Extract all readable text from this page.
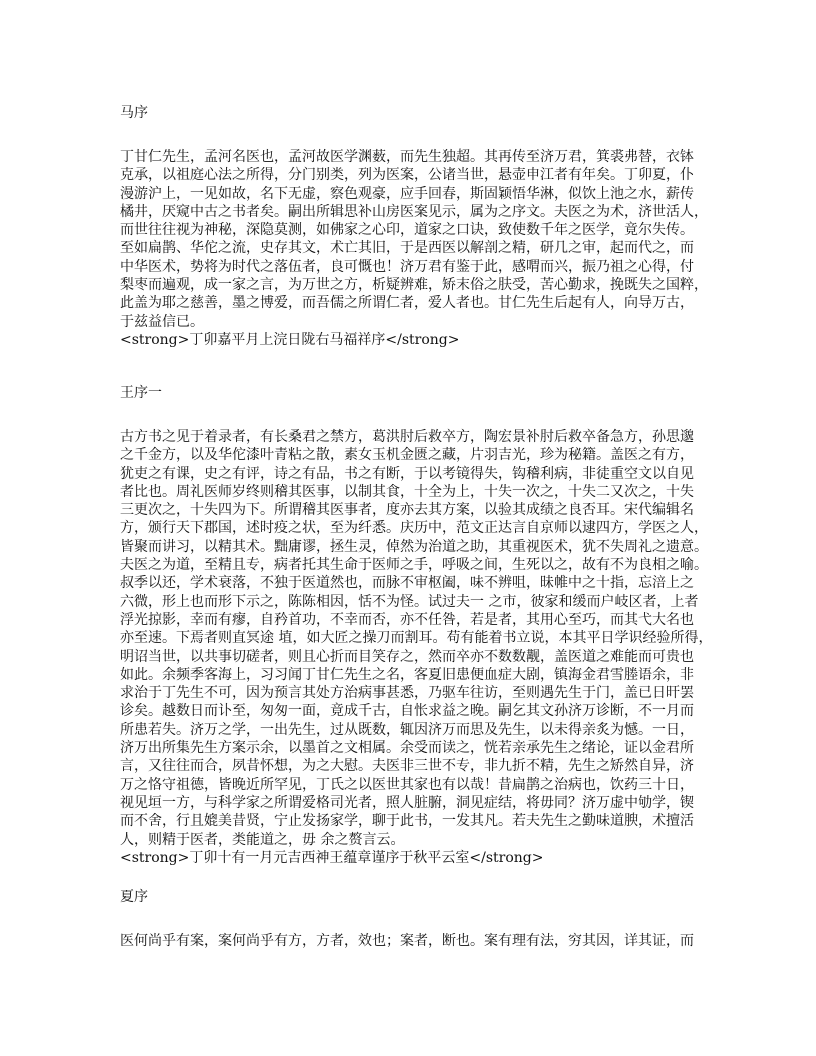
马序
丁甘仁先生，孟河名医也，孟河故医学渊薮，而先生独超。其再传至济万君，箕裘弗替，衣钵
克承，以祖庭心法之所得，分门别类，列为医案，公诸当世，悬壶申江者有年矣。丁卯夏，仆
漫游沪上，一见如故，名下无虚，察色观豪，应手回春，斯固颖悟华淋，似饮上池之水，薪传
橘井，厌窥中古之书者矣。嗣出所辑思补山房医案见示，属为之序文。夫医之为术，济世活人，
而世往往视为神秘，深隐莫测，如佛家之心印，道家之口诀，致使数千年之医学，竟尔失传。
至如扁鹊、华佗之流，史存其文，术亡其旧，于是西医以解剖之精，研几之审，起而代之，而
中华医术，势将为时代之落伍者，良可慨也！济万君有鉴于此，感喟而兴，振乃祖之心得，付
梨枣而遍观，成一家之言，为万世之方，析疑辨难，矫末俗之肤受，苦心勤求，挽既失之国粹，
此盖为耶之慈善，墨之博爱，而吾儒之所谓仁者，爱人者也。甘仁先生后起有人，向导万古，
于兹益信已。
<strong>丁卯嘉平月上浣日陇右马福祥序</strong>
王序一
古方书之见于着录者，有长桑君之禁方，葛洪肘后救卒方，陶宏景补肘后救卒备急方，孙思邈
之千金方，以及华佗漆叶青粘之散，素女玉机金匮之藏，片羽吉光，珍为秘籍。盖医之有方，
犹吏之有课，史之有评，诗之有品，书之有断，于以考镜得失，钩稽利病，非徒重空文以自见
者比也。周礼医师岁终则稽其医事，以制其食，十全为上，十失一次之，十失二又次之，十失
三更次之，十失四为下。所谓稽其医事者，度亦去其方案，以验其成绩之良否耳。宋代编辑名
方，颁行天下郡国，述时疫之状，至为纤悉。庆历中，范文正达言自京师以逮四方，学医之人，
皆聚而讲习，以精其术。黜庸谬，拯生灵，倬然为治道之助，其重视医术，犹不失周礼之遗意。
夫医之为道，至精且专，病者托其生命于医师之手，呼吸之间，生死以之，故有不为良相之喻。
叔季以还，学术衰落，不独于医道然也，而脉不审枢阖，味不辨咀，昧帷中之十指，忘涪上之
六微，形上也而形下示之，陈陈相因，恬不为怪。试过夫一 之市，彼家和缓而户岐区者，上者
浮光掠影，幸而有瘳，自矜首功，不幸而否，亦不任咎，若是者，其用心至巧，而其弋大名也
亦至速。下焉者则直冥途 埴，如大匠之操刀而割耳。苟有能着书立说，本其平日学识经验所得，
明诏当世，以共事切磋者，则且心折而目笑存之，然而卒亦不数数觏，盖医道之难能而可贵也
如此。余频季客海上，习习闻丁甘仁先生之名，客夏旧患便血症大剧，镇海金君雪塍语余，非
求治于丁先生不可，因为预言其处方治病事甚悉，乃驱车往访，至则遇先生于门，盖已日旰罢
诊矣。越数日而讣至，匆匆一面，竟成千古，自怅求益之晚。嗣乞其文孙济万诊断，不一月而
所患若失。济万之学，一出先生，过从既数，辄因济万而思及先生，以未得亲炙为憾。一日，
济万出所集先生方案示余，以墨首之文相属。余受而读之，恍若亲承先生之绪论，证以金君所
言，又往往而合，夙昔怀想，为之大慰。夫医非三世不专，非九折不精，先生之矫然自异，济
万之恪守祖德，皆晚近所罕见，丁氏之以医世其家也有以哉！昔扁鹊之治病也，饮药三十日，
视见垣一方，与科学家之所谓爱格司光者，照人脏腑，洞见症结，将毋同？济万虚中劬学，锲
而不舍，行且媲美昔贤，宁止发扬家学，聊于此书，一发其凡。若夫先生之勤味道腴，术擅活
人，则精于医者，类能道之，毋 余之赘言云。
<strong>丁卯十有一月元吉西神王蕴章谨序于秋平云室</strong>
夏序
医何尚乎有案，案何尚乎有方，方者，效也；案者，断也。案有理有法，穷其因，详其证，而
